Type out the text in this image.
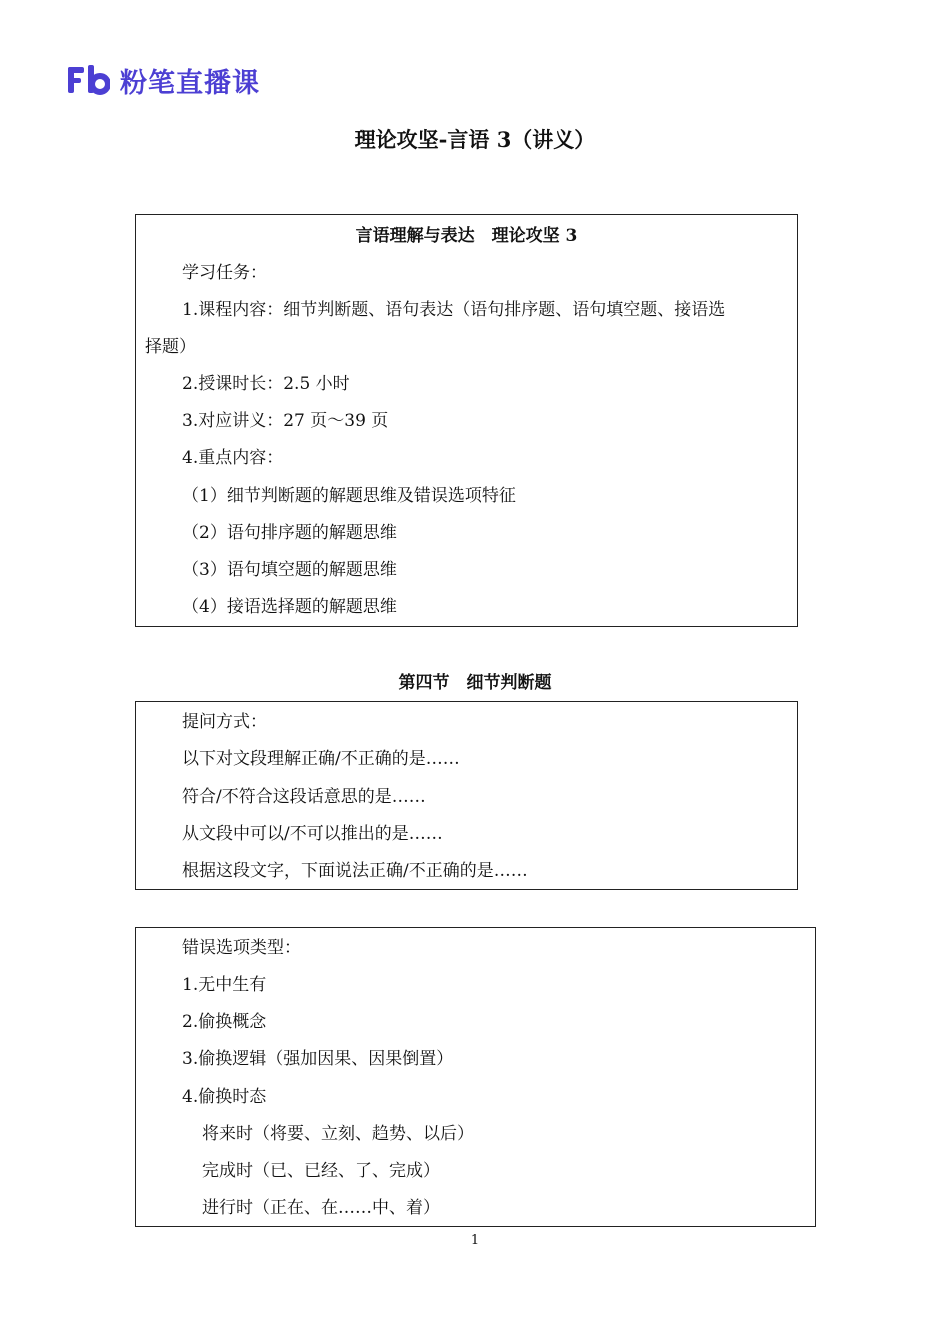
粉笔直播课
理论攻坚-言语 3（讲义）
言语理解与表达　理论攻坚 3
学习任务：
1.课程内容：细节判断题、语句表达（语句排序题、语句填空题、接语选
择题）
2.授课时长：2.5 小时
3.对应讲义：27 页～39 页
4.重点内容：
（1）细节判断题的解题思维及错误选项特征
（2）语句排序题的解题思维
（3）语句填空题的解题思维
（4）接语选择题的解题思维
第四节　细节判断题
提问方式：
以下对文段理解正确/不正确的是……
符合/不符合这段话意思的是……
从文段中可以/不可以推出的是……
根据这段文字，下面说法正确/不正确的是……
错误选项类型：
1.无中生有
2.偷换概念
3.偷换逻辑（强加因果、因果倒置）
4.偷换时态
将来时（将要、立刻、趋势、以后）
完成时（已、已经、了、完成）
进行时（正在、在……中、着）
1
